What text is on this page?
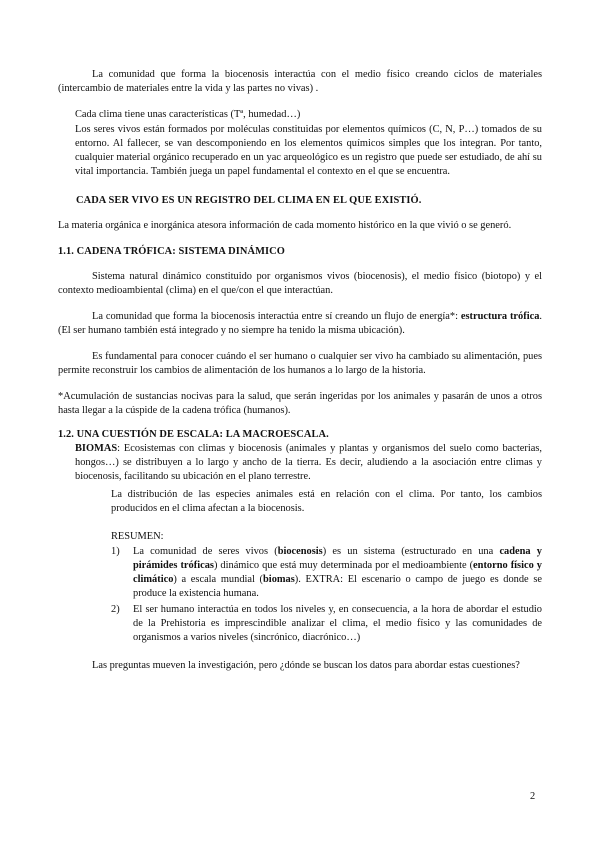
La comunidad que forma la biocenosis interactúa con el medio físico creando ciclos de materiales (intercambio de materiales entre la vida y las partes no vivas) .

Cada clima tiene unas características (Tª, humedad…)

Los seres vivos están formados por moléculas constituidas por elementos químicos (C, N, P…) tomados de su entorno. Al fallecer, se van descomponiendo en los elementos químicos simples que los integran. Por tanto, cualquier material orgánico recuperado en un yac arqueológico es un registro que puede ser estudiado, de ahí su vital importancia. También juega un papel fundamental el contexto en el que se encuentra.

CADA SER VIVO ES UN REGISTRO DEL CLIMA EN EL QUE EXISTIÓ.

La materia orgánica e inorgánica atesora información de cada momento histórico en la que vivió o se generó.

1.1. CADENA TRÓFICA: SISTEMA DINÁMICO

Sistema natural dinámico constituido por organismos vivos (biocenosis), el medio físico (biotopo) y el contexto medioambiental (clima) en el que/con el que interactúan.

La comunidad que forma la biocenosis interactúa entre sí creando un flujo de energía*: estructura trófica. (El ser humano también está integrado y no siempre ha tenido la misma ubicación).

Es fundamental para conocer cuándo el ser humano o cualquier ser vivo ha cambiado su alimentación, pues permite reconstruir los cambios de alimentación de los humanos a lo largo de la historia.

*Acumulación de sustancias nocivas para la salud, que serán ingeridas por los animales y pasarán de unos a otros hasta llegar a la cúspide de la cadena trófica (humanos).

1.2. UNA CUESTIÓN DE ESCALA: LA MACROESCALA.

BIOMAS: Ecosistemas con climas y biocenosis (animales y plantas y organismos del suelo como bacterias, hongos…) se distribuyen a lo largo y ancho de la tierra. Es decir, aludiendo a la asociación entre climas y biocenosis, facilitando su ubicación en el plano terrestre.

La distribución de las especies animales está en relación con el clima. Por tanto, los cambios producidos en el clima afectan a la biocenosis.

RESUMEN:

1) La comunidad de seres vivos (biocenosis) es un sistema (estructurado en una cadena y pirámides tróficas) dinámico que está muy determinada por el medioambiente (entorno físico y climático) a escala mundial (biomas). EXTRA: El escenario o campo de juego es donde se produce la existencia humana.

2) El ser humano interactúa en todos los niveles y, en consecuencia, a la hora de abordar el estudio de la Prehistoria es imprescindible analizar el clima, el medio físico y las comunidades de organismos a varios niveles (sincrónico, diacrónico…)

Las preguntas mueven la investigación, pero ¿dónde se buscan los datos para abordar estas cuestiones?

2
